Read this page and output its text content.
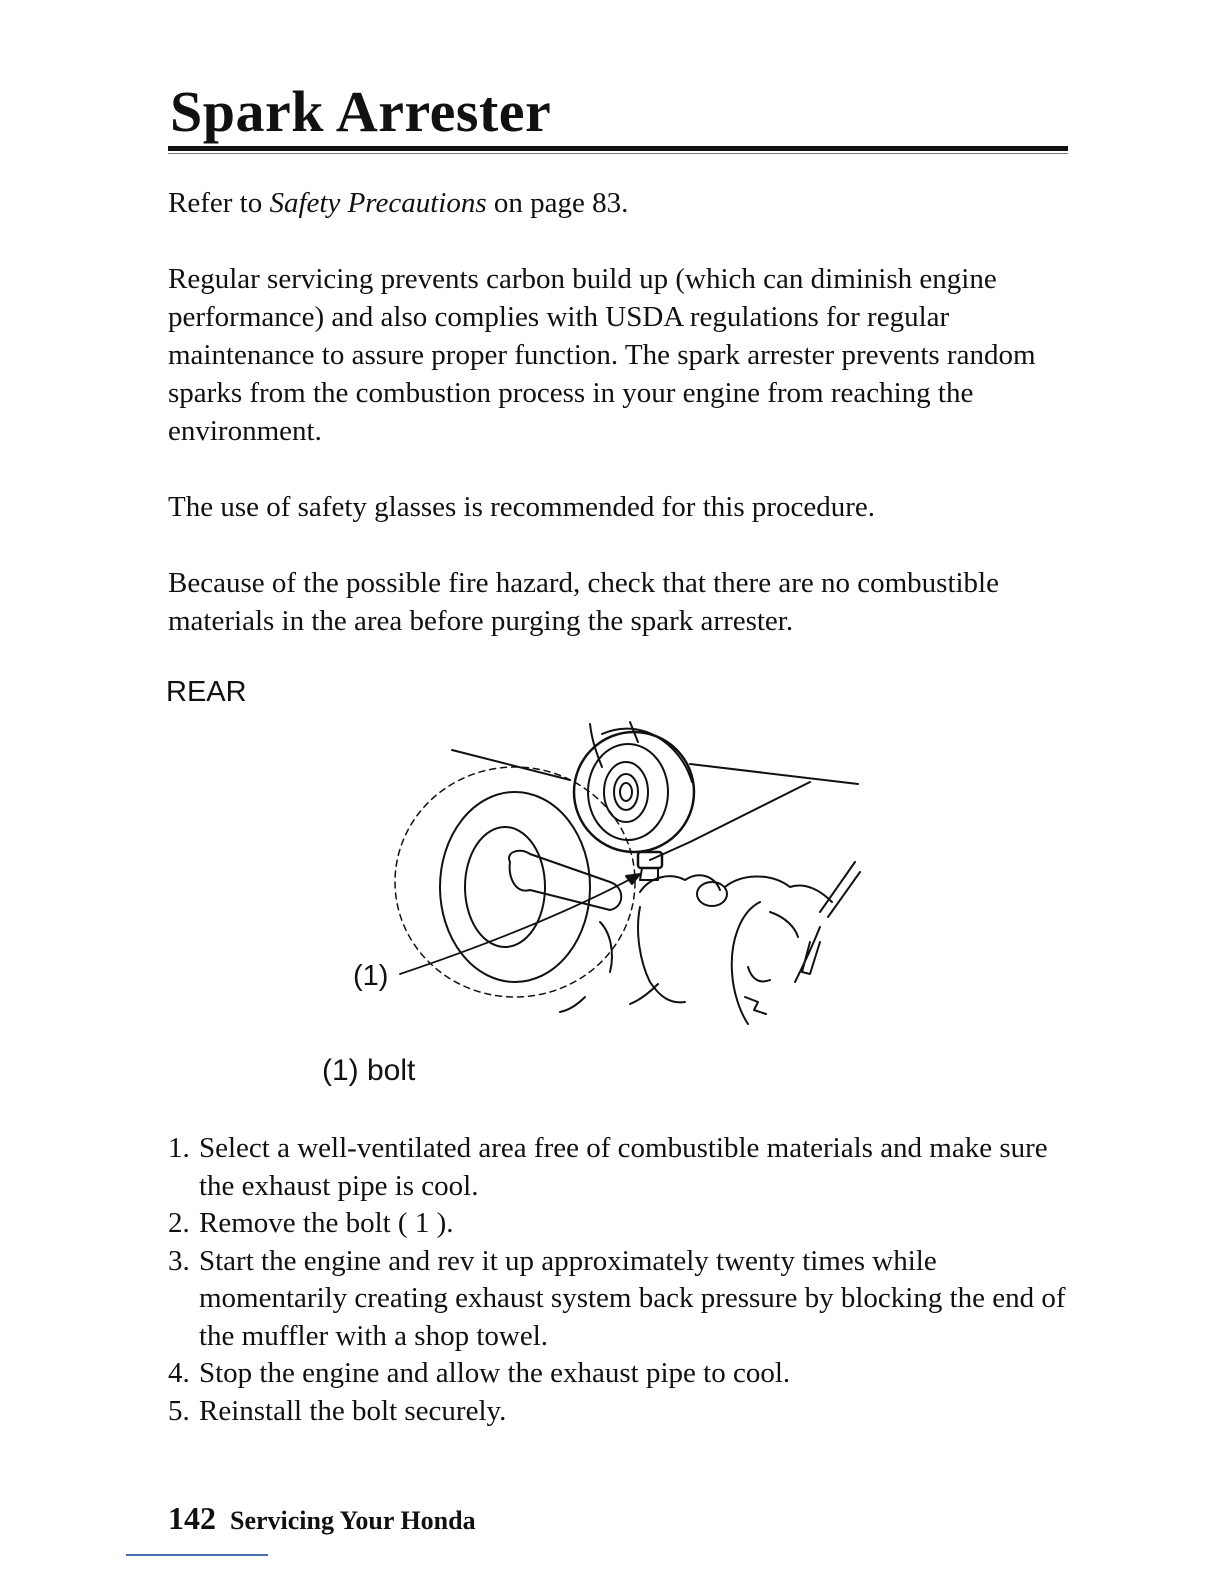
Spark Arrester

Refer to Safety Precautions on page 83.

Regular servicing prevents carbon build up (which can diminish engine performance) and also complies with USDA regulations for regular maintenance to assure proper function. The spark arrester prevents random sparks from the combustion process in your engine from reaching the environment.

The use of safety glasses is recommended for this procedure.

Because of the possible fire hazard, check that there are no combustible materials in the area before purging the spark arrester.

REAR
(1)
(1) bolt
1. Select a well-ventilated area free of combustible materials and make sure the exhaust pipe is cool.
2. Remove the bolt ( 1 ).
3. Start the engine and rev it up approximately twenty times while momentarily creating exhaust system back pressure by blocking the end of the muffler with a shop towel.
4. Stop the engine and allow the exhaust pipe to cool.
5. Reinstall the bolt securely.
142 Servicing Your Honda
